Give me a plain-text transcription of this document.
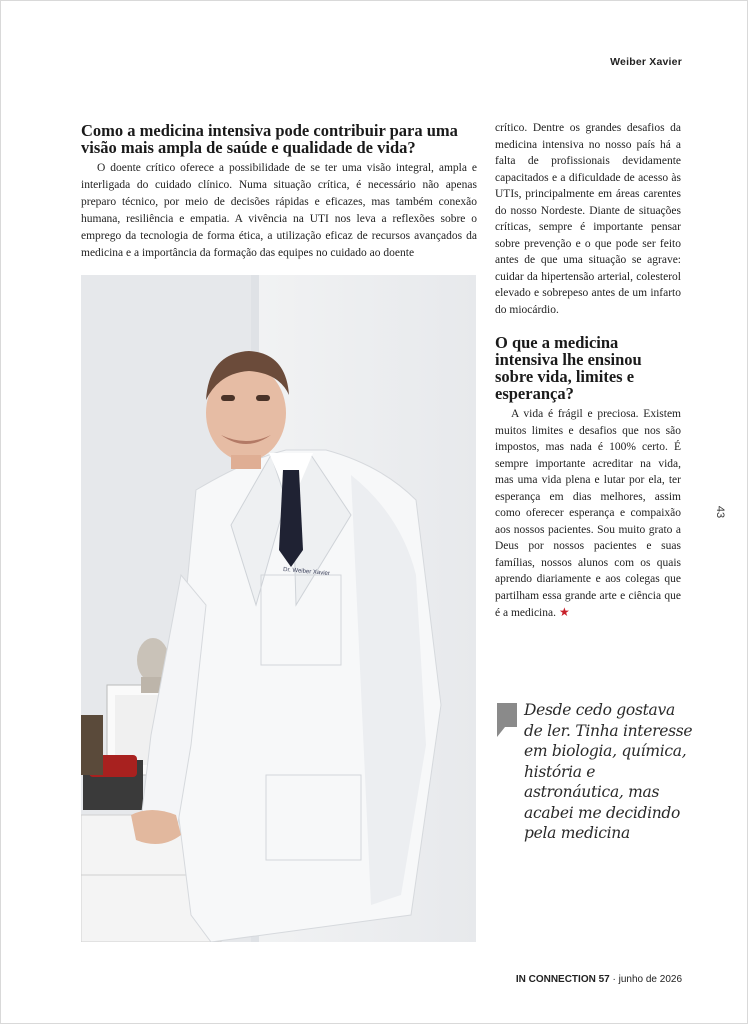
Weiber Xavier
Como a medicina intensiva pode contribuir para uma visão mais ampla de saúde e qualidade de vida?

O doente crítico oferece a possibilidade de se ter uma visão integral, ampla e interligada do cuidado clínico. Numa situação crítica, é necessário não apenas preparo técnico, por meio de decisões rápidas e eficazes, mas também conexão humana, resiliência e empatia. A vivência na UTI nos leva a reflexões sobre o emprego da tecnologia de forma ética, a utilização eficaz de recursos avançados da medicina e a importância da formação das equipes no cuidado ao doente

Dr. Weiber Xavier

crítico. Dentre os grandes desafios da medicina intensiva no nosso país há a falta de profissionais devidamente capacitados e a dificuldade de acesso às UTIs, principalmente em áreas carentes do nosso Nordeste. Diante de situações críticas, sempre é importante pensar sobre prevenção e o que pode ser feito antes de que uma situação se agrave: cuidar da hipertensão arterial, colesterol elevado e sobrepeso antes de um infarto do miocárdio.

O que a medicina intensiva lhe ensinou sobre vida, limites e esperança?

A vida é frágil e preciosa. Existem muitos limites e desafios que nos são impostos, mas nada é 100% certo. É sempre importante acreditar na vida, mas uma vida plena e lutar por ela, ter esperança em dias melhores, assim como oferecer esperança e compaixão aos nossos pacientes. Sou muito grato a Deus por nossos pacientes e suas famílias, nossos alunos com os quais aprendo diariamente e aos colegas que partilham essa grande arte e ciência que é a medicina. ★

43

Desde cedo gostava de ler. Tinha interesse em biologia, química, história e astronáutica, mas acabei me decidindo pela medicina

IN CONNECTION 57 · junho de 2026
